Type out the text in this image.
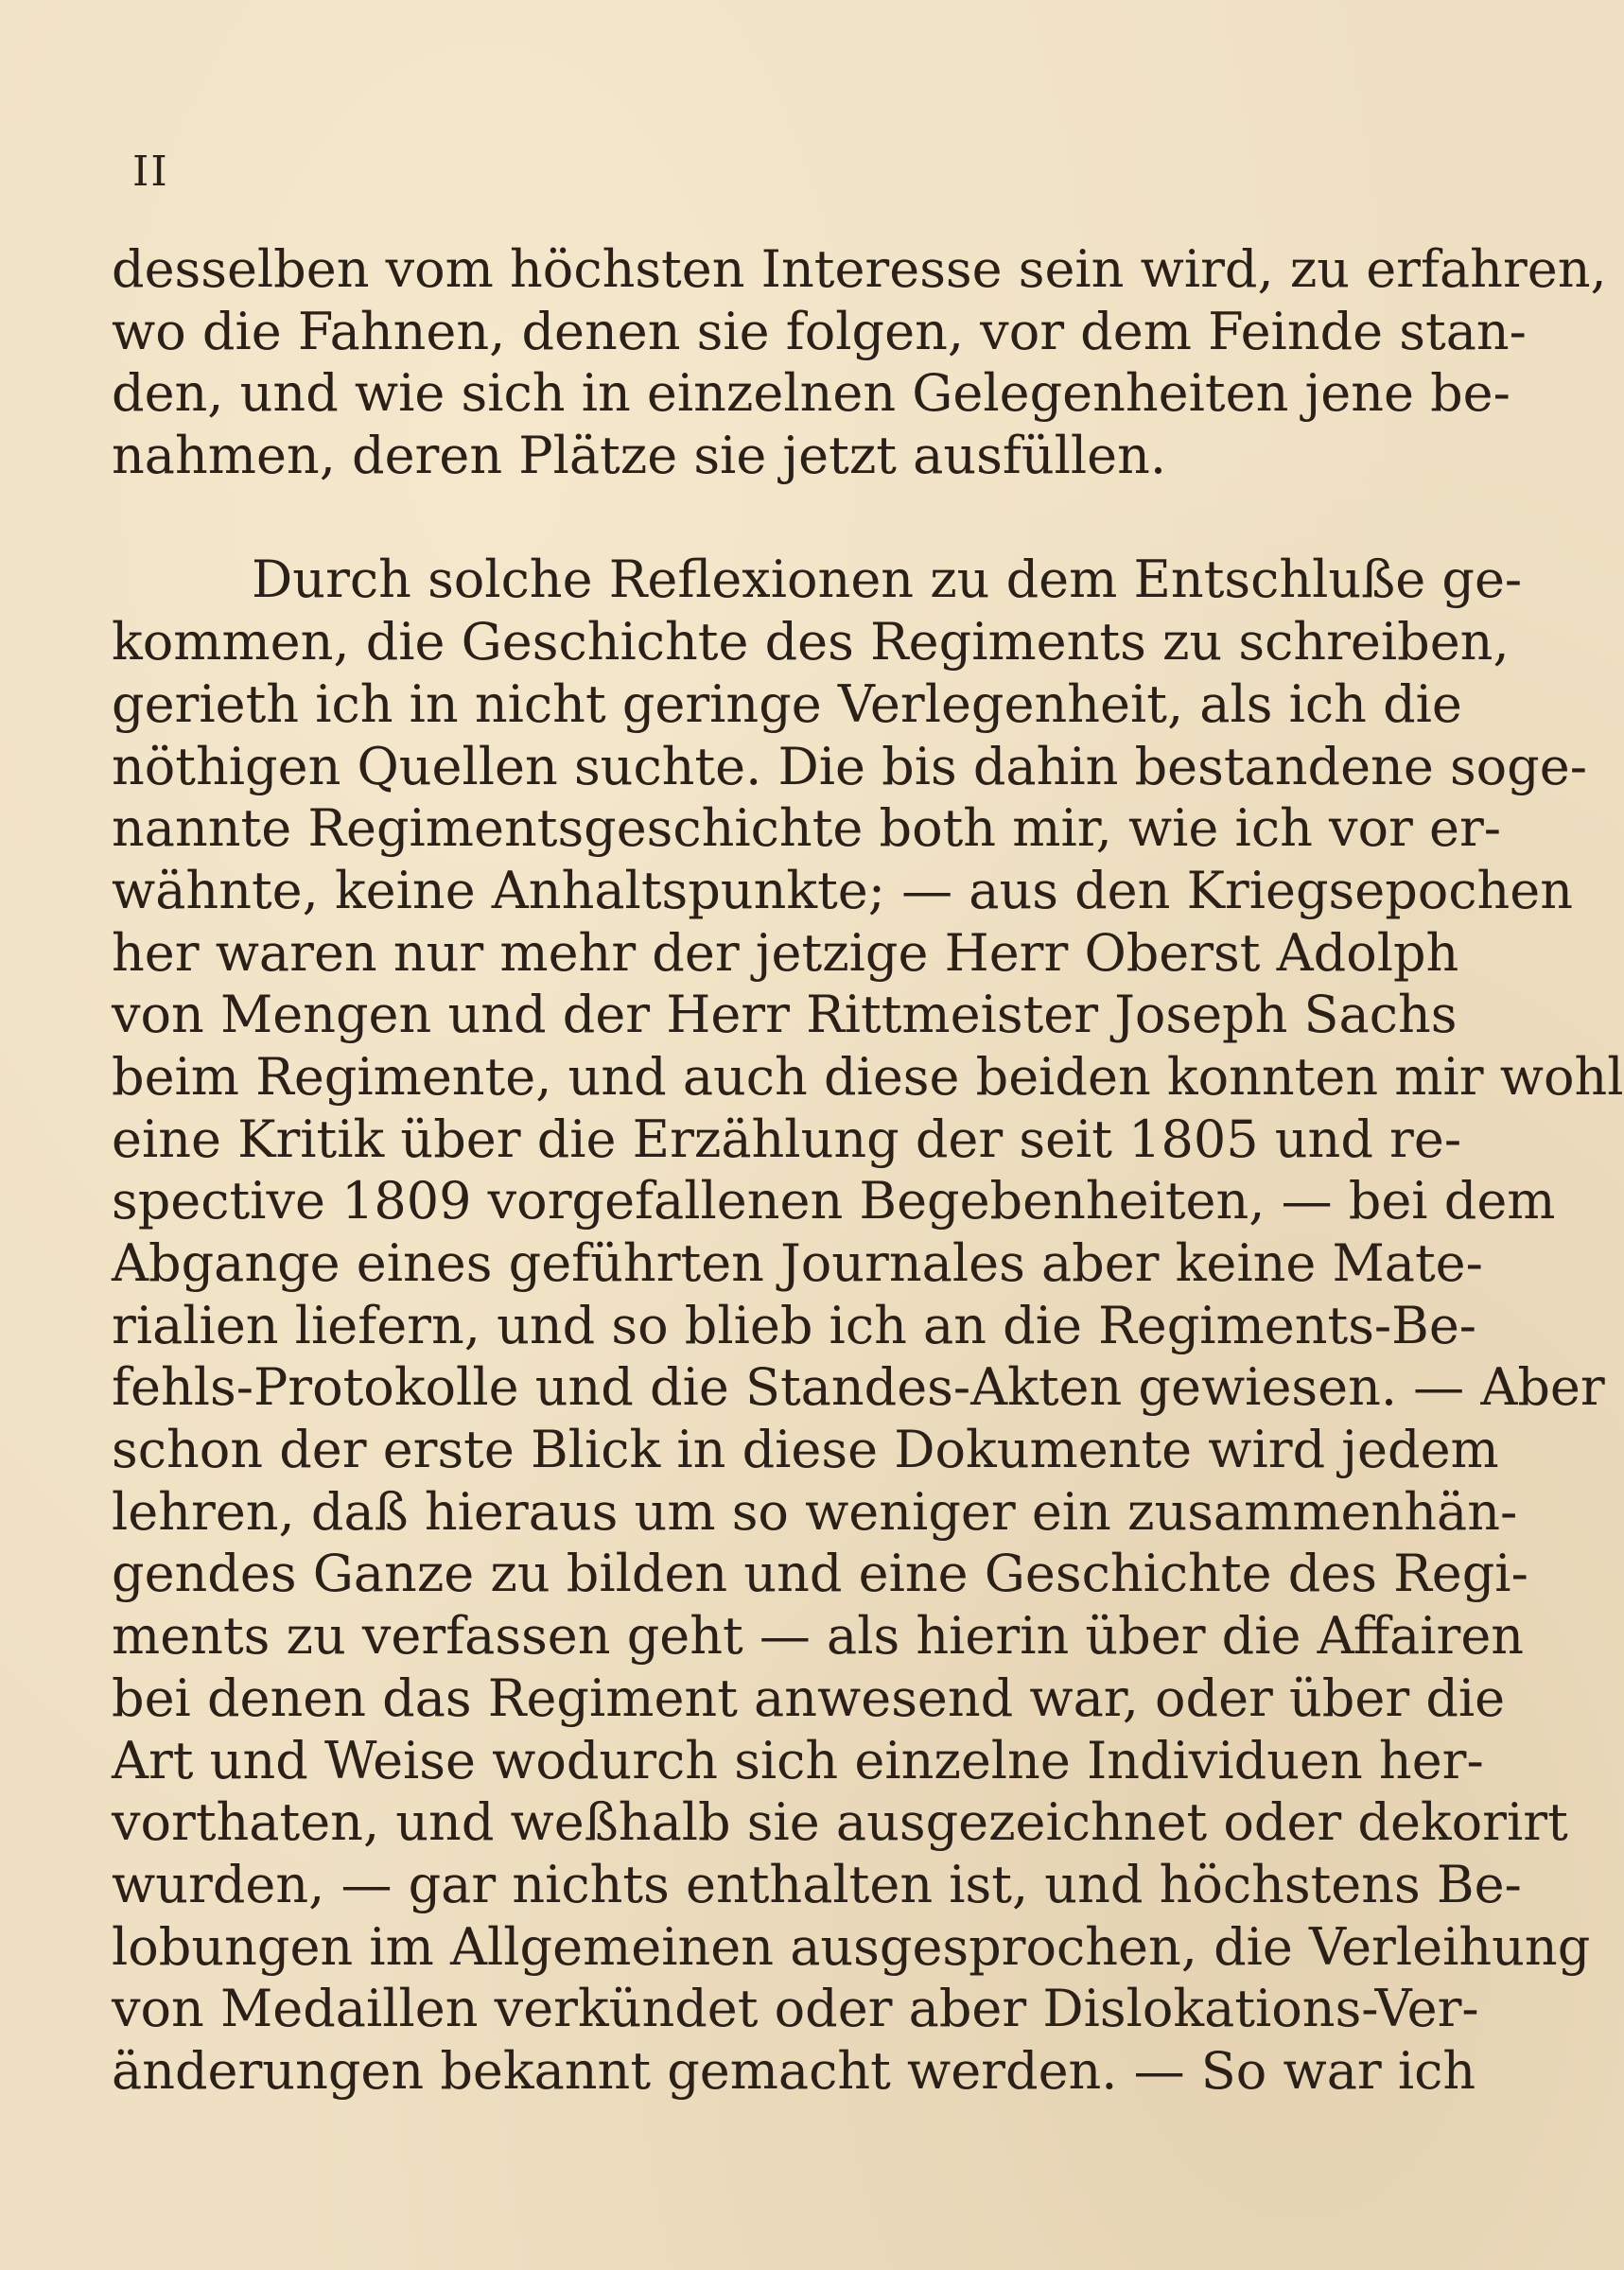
II
desselben vom höchsten Interesse sein wird, zu erfahren,
wo die Fahnen, denen sie folgen, vor dem Feinde stan-
den, und wie sich in einzelnen Gelegenheiten jene be-
nahmen, deren Plätze sie jetzt ausfüllen.
Durch solche Reflexionen zu dem Entschluße ge-
kommen, die Geschichte des Regiments zu schreiben,
gerieth ich in nicht geringe Verlegenheit, als ich die
nöthigen Quellen suchte. Die bis dahin bestandene soge-
nannte Regimentsgeschichte both mir, wie ich vor er-
wähnte, keine Anhaltspunkte; — aus den Kriegsepochen
her waren nur mehr der jetzige Herr Oberst Adolph
von Mengen und der Herr Rittmeister Joseph Sachs
beim Regimente, und auch diese beiden konnten mir wohl
eine Kritik über die Erzählung der seit 1805 und re-
spective 1809 vorgefallenen Begebenheiten, — bei dem
Abgange eines geführten Journales aber keine Mate-
rialien liefern, und so blieb ich an die Regiments-Be-
fehls-Protokolle und die Standes-Akten gewiesen. — Aber
schon der erste Blick in diese Dokumente wird jedem
lehren, daß hieraus um so weniger ein zusammenhän-
gendes Ganze zu bilden und eine Geschichte des Regi-
ments zu verfassen geht — als hierin über die Affairen
bei denen das Regiment anwesend war, oder über die
Art und Weise wodurch sich einzelne Individuen her-
vorthaten, und weßhalb sie ausgezeichnet oder dekorirt
wurden, — gar nichts enthalten ist, und höchstens Be-
lobungen im Allgemeinen ausgesprochen, die Verleihung
von Medaillen verkündet oder aber Dislokations-Ver-
änderungen bekannt gemacht werden. — So war ich
